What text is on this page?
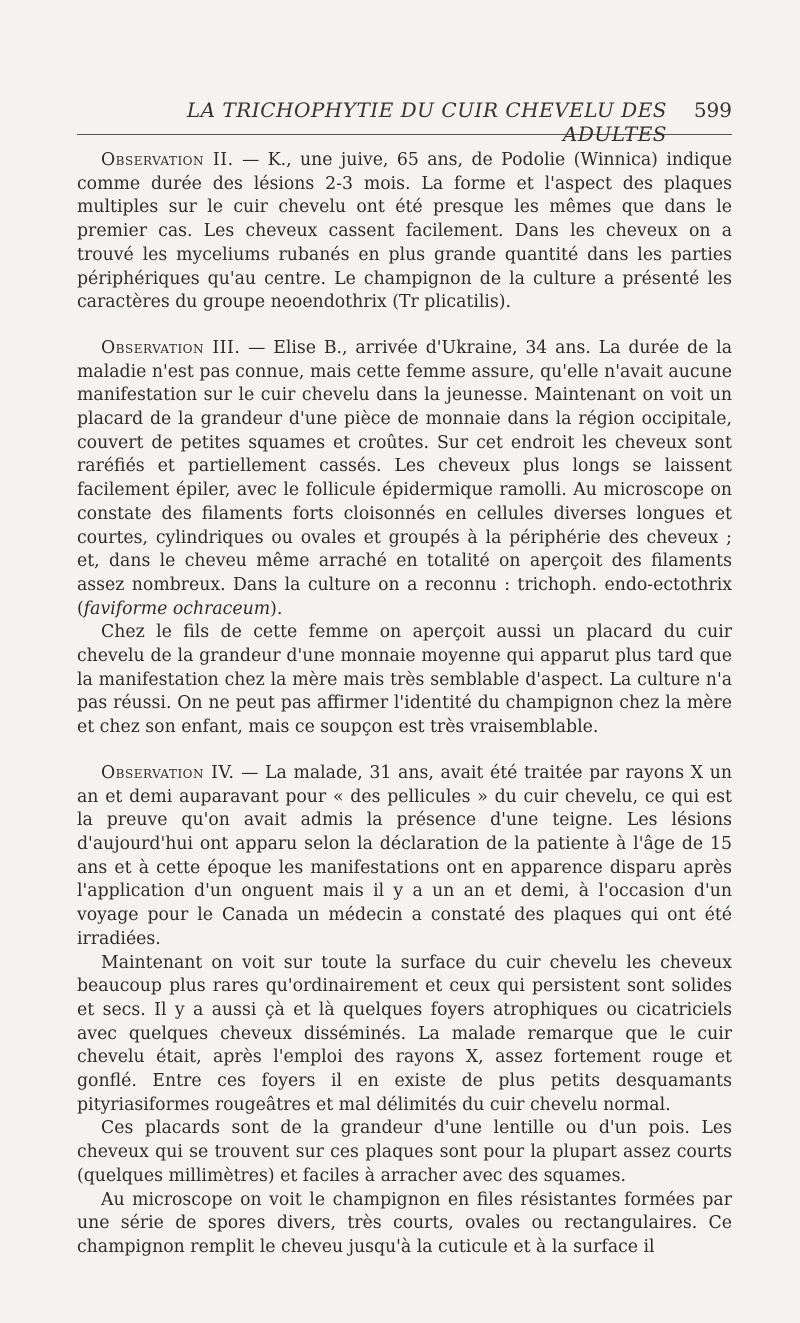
LA TRICHOPHYTIE DU CUIR CHEVELU DES ADULTES
599

Observation II. — K., une juive, 65 ans, de Podolie (Winnica) indique comme durée des lésions 2-3 mois. La forme et l'aspect des plaques multiples sur le cuir chevelu ont été presque les mêmes que dans le premier cas. Les cheveux cassent facilement. Dans les cheveux on a trouvé les myceliums rubanés en plus grande quantité dans les parties périphériques qu'au centre. Le champignon de la culture a présenté les caractères du groupe neoendothrix (Tr plicatilis).

Observation III. — Elise B., arrivée d'Ukraine, 34 ans. La durée de la maladie n'est pas connue, mais cette femme assure, qu'elle n'avait aucune manifestation sur le cuir chevelu dans la jeunesse. Maintenant on voit un placard de la grandeur d'une pièce de monnaie dans la région occipitale, couvert de petites squames et croûtes. Sur cet endroit les cheveux sont raréfiés et partiellement cassés. Les cheveux plus longs se laissent facilement épiler, avec le follicule épidermique ramolli. Au microscope on constate des filaments forts cloisonnés en cellules diverses longues et courtes, cylindriques ou ovales et groupés à la périphérie des cheveux ; et, dans le cheveu même arraché en totalité on aperçoit des filaments assez nombreux. Dans la culture on a reconnu : trichoph. endo-ectothrix (faviforme ochraceum).

Chez le fils de cette femme on aperçoit aussi un placard du cuir chevelu de la grandeur d'une monnaie moyenne qui apparut plus tard que la manifestation chez la mère mais très semblable d'aspect. La culture n'a pas réussi. On ne peut pas affirmer l'identité du champignon chez la mère et chez son enfant, mais ce soupçon est très vraisemblable.

Observation IV. — La malade, 31 ans, avait été traitée par rayons X un an et demi auparavant pour « des pellicules » du cuir chevelu, ce qui est la preuve qu'on avait admis la présence d'une teigne. Les lésions d'aujourd'hui ont apparu selon la déclaration de la patiente à l'âge de 15 ans et à cette époque les manifestations ont en apparence disparu après l'application d'un onguent mais il y a un an et demi, à l'occasion d'un voyage pour le Canada un médecin a constaté des plaques qui ont été irradiées.

Maintenant on voit sur toute la surface du cuir chevelu les cheveux beaucoup plus rares qu'ordinairement et ceux qui persistent sont solides et secs. Il y a aussi çà et là quelques foyers atrophiques ou cicatriciels avec quelques cheveux disséminés. La malade remarque que le cuir chevelu était, après l'emploi des rayons X, assez fortement rouge et gonflé. Entre ces foyers il en existe de plus petits desquamants pityriasiformes rougeâtres et mal délimités du cuir chevelu normal.

Ces placards sont de la grandeur d'une lentille ou d'un pois. Les cheveux qui se trouvent sur ces plaques sont pour la plupart assez courts (quelques millimètres) et faciles à arracher avec des squames.

Au microscope on voit le champignon en files résistantes formées par une série de spores divers, très courts, ovales ou rectangulaires. Ce champignon remplit le cheveu jusqu'à la cuticule et à la surface il
